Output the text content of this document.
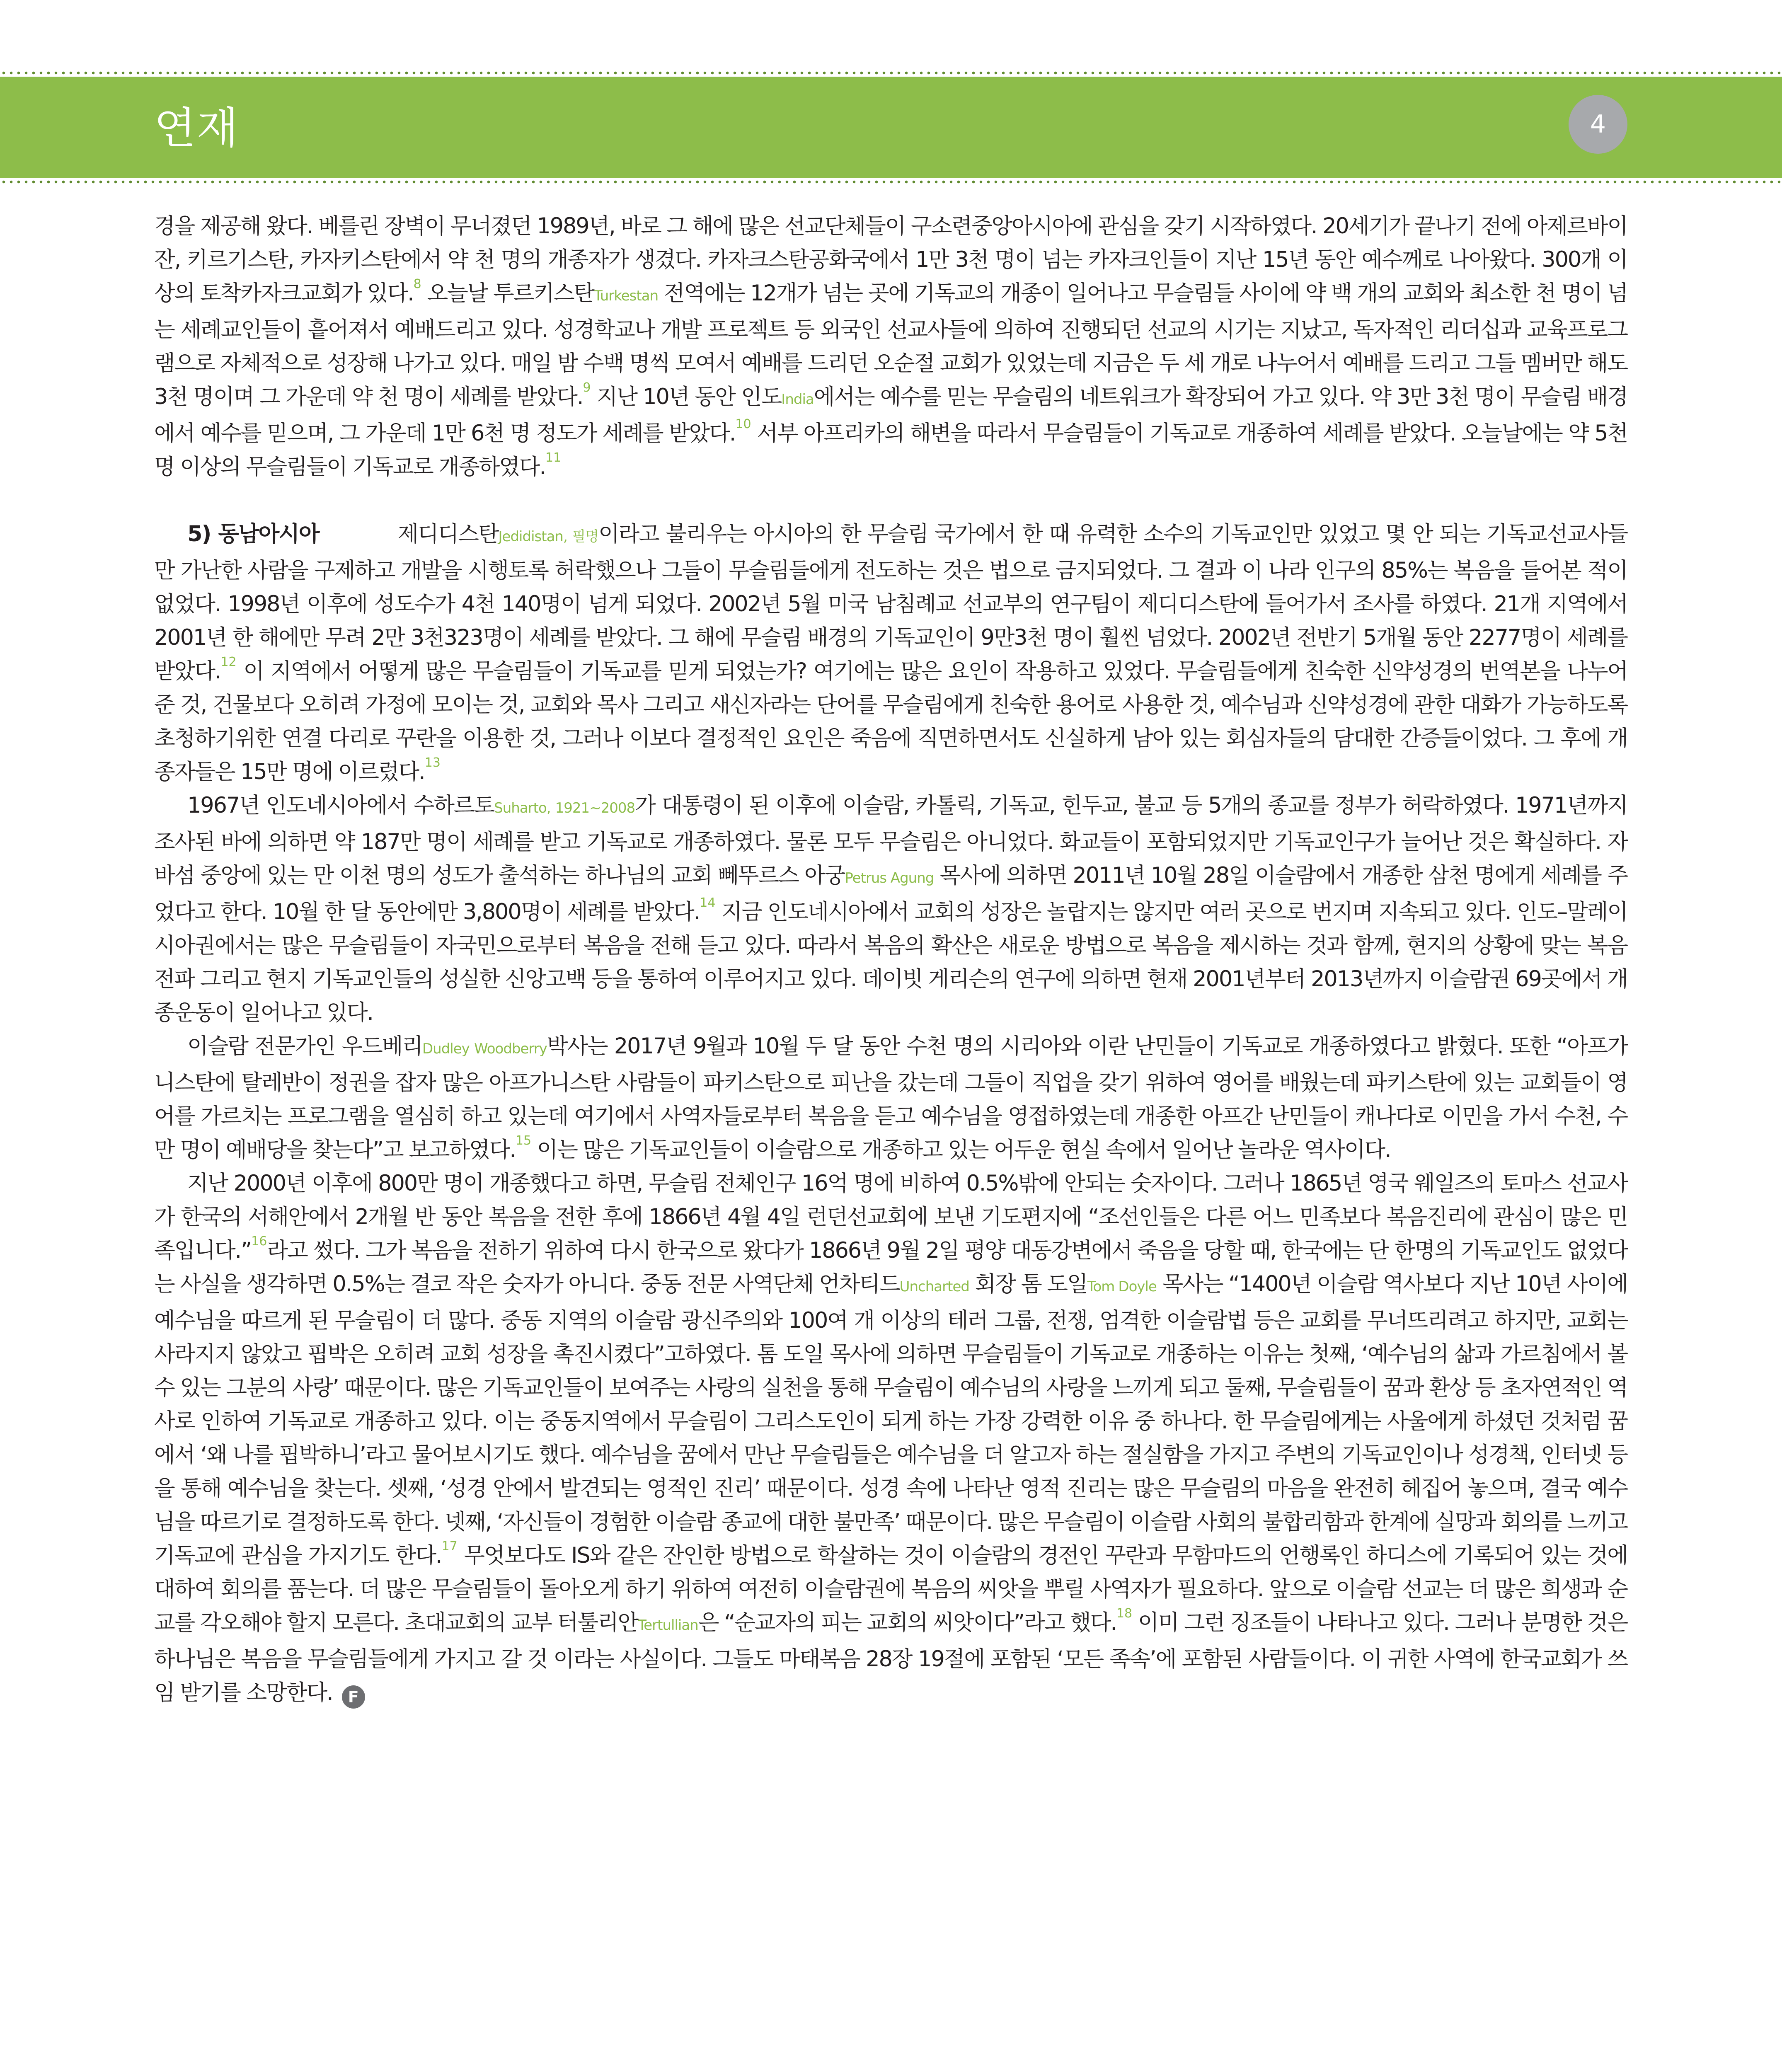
연재	4

경을 제공해 왔다. 베를린 장벽이 무너졌던 1989년, 바로 그 해에 많은 선교단체들이 구소련중앙아시아에 관심을 갖기 시작하였다. 20세기가 끝나기 전에 아제르바이잔, 키르기스탄, 카자키스탄에서 약 천 명의 개종자가 생겼다. 카자크스탄공화국에서 1만 3천 명이 넘는 카자크인들이 지난 15년 동안 예수께로 나아왔다. 300개 이상의 토착카자크교회가 있다.$^8$ 오늘날 투르키스탄Turkestan 전역에는 12개가 넘는 곳에 기독교의 개종이 일어나고 무슬림들 사이에 약 백 개의 교회와 최소한 천 명이 넘는 세례교인들이 흩어져서 예배드리고 있다. 성경학교나 개발 프로젝트 등 외국인 선교사들에 의하여 진행되던 선교의 시기는 지났고, 독자적인 리더십과 교육프로그램으로 자체적으로 성장해 나가고 있다. 매일 밤 수백 명씩 모여서 예배를 드리던 오순절 교회가 있었는데 지금은 두 세 개로 나누어서 예배를 드리고 그들 멤버만 해도 3천 명이며 그 가운데 약 천 명이 세례를 받았다.$^9$ 지난 10년 동안 인도India에서는 예수를 믿는 무슬림의 네트워크가 확장되어 가고 있다. 약 3만 3천 명이 무슬림 배경에서 예수를 믿으며, 그 가운데 1만 6천 명 정도가 세례를 받았다.$^{10}$ 서부 아프리카의 해변을 따라서 무슬림들이 기독교로 개종하여 세례를 받았다. 오늘날에는 약 5천 명 이상의 무슬림들이 기독교로 개종하였다.$^{11}$

5) 동남아시아	제디디스탄Jedidistan, 필명이라고 불리우는 아시아의 한 무슬림 국가에서 한 때 유력한 소수의 기독교인만 있었고 몇 안 되는 기독교선교사들만 가난한 사람을 구제하고 개발을 시행토록 허락했으나 그들이 무슬림들에게 전도하는 것은 법으로 금지되었다. 그 결과 이 나라 인구의 85%는 복음을 들어본 적이 없었다. 1998년 이후에 성도수가 4천 140명이 넘게 되었다. 2002년 5월 미국 남침례교 선교부의 연구팀이 제디디스탄에 들어가서 조사를 하였다. 21개 지역에서 2001년 한 해에만 무려 2만 3천323명이 세례를 받았다. 그 해에 무슬림 배경의 기독교인이 9만3천 명이 훨씬 넘었다. 2002년 전반기 5개월 동안 2277명이 세례를 받았다.$^{12}$ 이 지역에서 어떻게 많은 무슬림들이 기독교를 믿게 되었는가? 여기에는 많은 요인이 작용하고 있었다. 무슬림들에게 친숙한 신약성경의 번역본을 나누어 준 것, 건물보다 오히려 가정에 모이는 것, 교회와 목사 그리고 새신자라는 단어를 무슬림에게 친숙한 용어로 사용한 것, 예수님과 신약성경에 관한 대화가 가능하도록 초청하기위한 연결 다리로 꾸란을 이용한 것, 그러나 이보다 결정적인 요인은 죽음에 직면하면서도 신실하게 남아 있는 회심자들의 담대한 간증들이었다. 그 후에 개종자들은 15만 명에 이르렀다.$^{13}$

1967년 인도네시아에서 수하르토Suharto, 1921~2008가 대통령이 된 이후에 이슬람, 카톨릭, 기독교, 힌두교, 불교 등 5개의 종교를 정부가 허락하였다. 1971년까지 조사된 바에 의하면 약 187만 명이 세례를 받고 기독교로 개종하였다. 물론 모두 무슬림은 아니었다. 화교들이 포함되었지만 기독교인구가 늘어난 것은 확실하다. 자바섬 중앙에 있는 만 이천 명의 성도가 출석하는 하나님의 교회 뻬뚜르스 아궁Petrus Agung 목사에 의하면 2011년 10월 28일 이슬람에서 개종한 삼천 명에게 세례를 주었다고 한다. 10월 한 달 동안에만 3,800명이 세례를 받았다.$^{14}$ 지금 인도네시아에서 교회의 성장은 놀랍지는 않지만 여러 곳으로 번지며 지속되고 있다. 인도–말레이시아권에서는 많은 무슬림들이 자국민으로부터 복음을 전해 듣고 있다. 따라서 복음의 확산은 새로운 방법으로 복음을 제시하는 것과 함께, 현지의 상황에 맞는 복음전파 그리고 현지 기독교인들의 성실한 신앙고백 등을 통하여 이루어지고 있다. 데이빗 게리슨의 연구에 의하면 현재 2001년부터 2013년까지 이슬람권 69곳에서 개종운동이 일어나고 있다.

이슬람 전문가인 우드베리Dudley Woodberry박사는 2017년 9월과 10월 두 달 동안 수천 명의 시리아와 이란 난민들이 기독교로 개종하였다고 밝혔다. 또한 “아프가니스탄에 탈레반이 정권을 잡자 많은 아프가니스탄 사람들이 파키스탄으로 피난을 갔는데 그들이 직업을 갖기 위하여 영어를 배웠는데 파키스탄에 있는 교회들이 영어를 가르치는 프로그램을 열심히 하고 있는데 여기에서 사역자들로부터 복음을 듣고 예수님을 영접하였는데 개종한 아프간 난민들이 캐나다로 이민을 가서 수천, 수만 명이 예배당을 찾는다”고 보고하였다.$^{15}$ 이는 많은 기독교인들이 이슬람으로 개종하고 있는 어두운 현실 속에서 일어난 놀라운 역사이다.

지난 2000년 이후에 800만 명이 개종했다고 하면, 무슬림 전체인구 16억 명에 비하여 0.5%밖에 안되는 숫자이다. 그러나 1865년 영국 웨일즈의 토마스 선교사가 한국의 서해안에서 2개월 반 동안 복음을 전한 후에 1866년 4월 4일 런던선교회에 보낸 기도편지에 “조선인들은 다른 어느 민족보다 복음진리에 관심이 많은 민족입니다.”$^{16}$라고 썼다. 그가 복음을 전하기 위하여 다시 한국으로 왔다가 1866년 9월 2일 평양 대동강변에서 죽음을 당할 때, 한국에는 단 한명의 기독교인도 없었다는 사실을 생각하면 0.5%는 결코 작은 숫자가 아니다. 중동 전문 사역단체 언차티드Uncharted 회장 톰 도일Tom Doyle 목사는 “1400년 이슬람 역사보다 지난 10년 사이에 예수님을 따르게 된 무슬림이 더 많다. 중동 지역의 이슬람 광신주의와 100여 개 이상의 테러 그룹, 전쟁, 엄격한 이슬람법 등은 교회를 무너뜨리려고 하지만, 교회는 사라지지 않았고 핍박은 오히려 교회 성장을 촉진시켰다”고하였다. 톰 도일 목사에 의하면 무슬림들이 기독교로 개종하는 이유는 첫째, ‘예수님의 삶과 가르침에서 볼 수 있는 그분의 사랑’ 때문이다. 많은 기독교인들이 보여주는 사랑의 실천을 통해 무슬림이 예수님의 사랑을 느끼게 되고 둘째, 무슬림들이 꿈과 환상 등 초자연적인 역사로 인하여 기독교로 개종하고 있다. 이는 중동지역에서 무슬림이 그리스도인이 되게 하는 가장 강력한 이유 중 하나다. 한 무슬림에게는 사울에게 하셨던 것처럼 꿈에서 ‘왜 나를 핍박하니’라고 물어보시기도 했다. 예수님을 꿈에서 만난 무슬림들은 예수님을 더 알고자 하는 절실함을 가지고 주변의 기독교인이나 성경책, 인터넷 등을 통해 예수님을 찾는다. 셋째, ‘성경 안에서 발견되는 영적인 진리’ 때문이다. 성경 속에 나타난 영적 진리는 많은 무슬림의 마음을 완전히 헤집어 놓으며, 결국 예수님을 따르기로 결정하도록 한다. 넷째, ‘자신들이 경험한 이슬람 종교에 대한 불만족’ 때문이다. 많은 무슬림이 이슬람 사회의 불합리함과 한계에 실망과 회의를 느끼고 기독교에 관심을 가지기도 한다.$^{17}$ 무엇보다도 IS와 같은 잔인한 방법으로 학살하는 것이 이슬람의 경전인 꾸란과 무함마드의 언행록인 하디스에 기록되어 있는 것에 대하여 회의를 품는다. 더 많은 무슬림들이 돌아오게 하기 위하여 여전히 이슬람권에 복음의 씨앗을 뿌릴 사역자가 필요하다. 앞으로 이슬람 선교는 더 많은 희생과 순교를 각오해야 할지 모른다. 초대교회의 교부 터툴리안Tertullian은 “순교자의 피는 교회의 씨앗이다”라고 했다.$^{18}$ 이미 그런 징조들이 나타나고 있다. 그러나 분명한 것은 하나님은 복음을 무슬림들에게 가지고 갈 것 이라는 사실이다. 그들도 마태복음 28장 19절에 포함된 ‘모든 족속’에 포함된 사람들이다. 이 귀한 사역에 한국교회가 쓰임 받기를 소망한다. F
